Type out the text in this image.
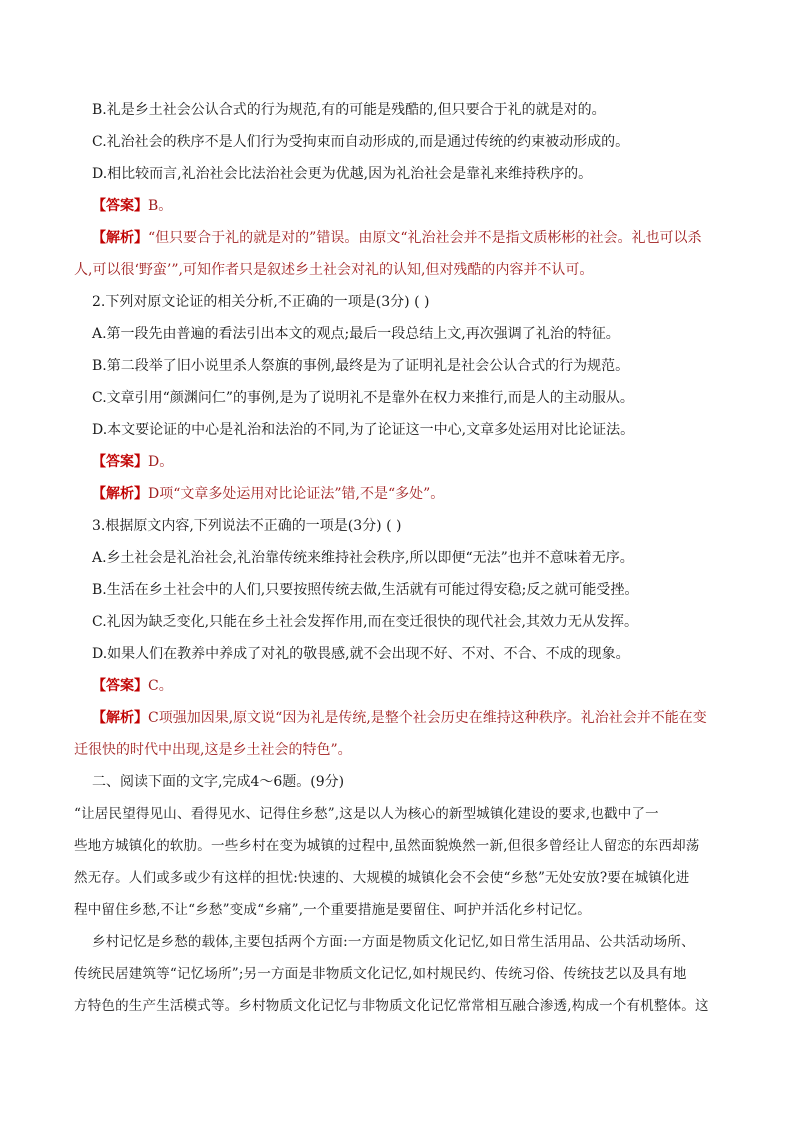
B.礼是乡土社会公认合式的行为规范,有的可能是残酷的,但只要合于礼的就是对的。
C.礼治社会的秩序不是人们行为受拘束而自动形成的,而是通过传统的约束被动形成的。
D.相比较而言,礼治社会比法治社会更为优越,因为礼治社会是靠礼来维持秩序的。
【答案】B。
【解析】“但只要合于礼的就是对的”错误。由原文“礼治社会并不是指文质彬彬的社会。礼也可以杀
人,可以很‘野蛮’”,可知作者只是叙述乡土社会对礼的认知,但对残酷的内容并不认可。
2.下列对原文论证的相关分析,不正确的一项是(3分) ( )
A.第一段先由普遍的看法引出本文的观点;最后一段总结上文,再次强调了礼治的特征。
B.第二段举了旧小说里杀人祭旗的事例,最终是为了证明礼是社会公认合式的行为规范。
C.文章引用“颜渊问仁”的事例,是为了说明礼不是靠外在权力来推行,而是人的主动服从。
D.本文要论证的中心是礼治和法治的不同,为了论证这一中心,文章多处运用对比论证法。
【答案】D。
【解析】D项“文章多处运用对比论证法”错,不是“多处”。
3.根据原文内容,下列说法不正确的一项是(3分) ( )
A.乡土社会是礼治社会,礼治靠传统来维持社会秩序,所以即便“无法”也并不意味着无序。
B.生活在乡土社会中的人们,只要按照传统去做,生活就有可能过得安稳;反之就可能受挫。
C.礼因为缺乏变化,只能在乡土社会发挥作用,而在变迁很快的现代社会,其效力无从发挥。
D.如果人们在教养中养成了对礼的敬畏感,就不会出现不好、不对、不合、不成的现象。
【答案】C。
【解析】C项强加因果,原文说“因为礼是传统,是整个社会历史在维持这种秩序。礼治社会并不能在变
迁很快的时代中出现,这是乡土社会的特色”。
二、阅读下面的文字,完成4～6题。(9分)
“让居民望得见山、看得见水、记得住乡愁”,这是以人为核心的新型城镇化建设的要求,也戳中了一
些地方城镇化的软肋。一些乡村在变为城镇的过程中,虽然面貌焕然一新,但很多曾经让人留恋的东西却荡
然无存。人们或多或少有这样的担忧:快速的、大规模的城镇化会不会使“乡愁”无处安放?要在城镇化进
程中留住乡愁,不让“乡愁”变成“乡痛”,一个重要措施是要留住、呵护并活化乡村记忆。
乡村记忆是乡愁的载体,主要包括两个方面:一方面是物质文化记忆,如日常生活用品、公共活动场所、
传统民居建筑等“记忆场所”;另一方面是非物质文化记忆,如村规民约、传统习俗、传统技艺以及具有地
方特色的生产生活模式等。乡村物质文化记忆与非物质文化记忆常常相互融合渗透,构成一个有机整体。这
